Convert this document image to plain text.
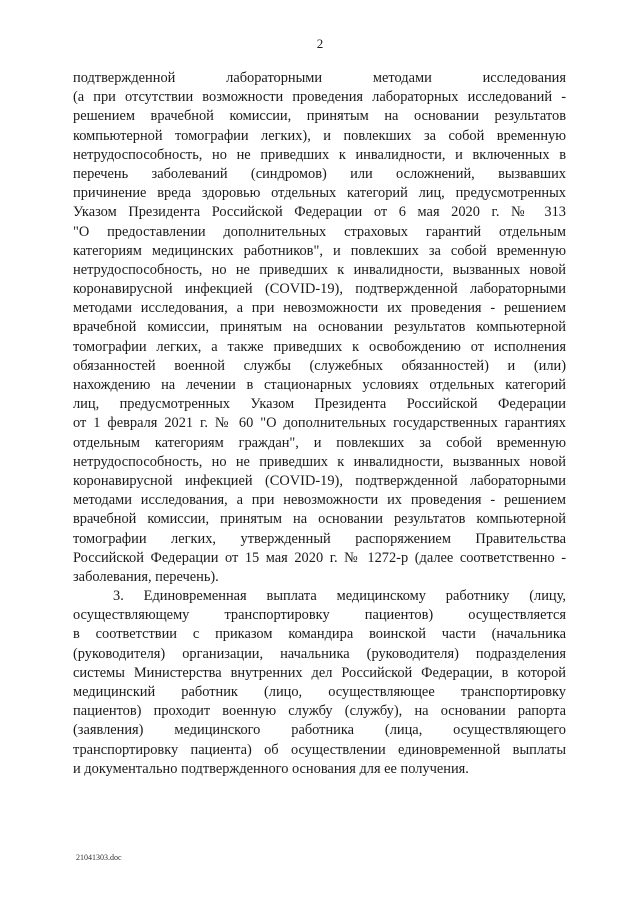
2
подтвержденной лабораторными методами исследования
(а при отсутствии возможности проведения лабораторных исследований -
решением врачебной комиссии, принятым на основании результатов
компьютерной томографии легких), и повлекших за собой временную
нетрудоспособность, но не приведших к инвалидности, и включенных в
перечень заболеваний (синдромов) или осложнений, вызвавших
причинение вреда здоровью отдельных категорий лиц, предусмотренных
Указом Президента Российской Федерации от 6 мая 2020 г. № 313
"О предоставлении дополнительных страховых гарантий отдельным
категориям медицинских работников", и повлекших за собой временную
нетрудоспособность, но не приведших к инвалидности, вызванных новой
коронавирусной инфекцией (COVID-19), подтвержденной лабораторными
методами исследования, а при невозможности их проведения - решением
врачебной комиссии, принятым на основании результатов компьютерной
томографии легких, а также приведших к освобождению от исполнения
обязанностей военной службы (служебных обязанностей) и (или)
нахождению на лечении в стационарных условиях отдельных категорий
лиц, предусмотренных Указом Президента Российской Федерации
от 1 февраля 2021 г. № 60 "О дополнительных государственных гарантиях
отдельным категориям граждан", и повлекших за собой временную
нетрудоспособность, но не приведших к инвалидности, вызванных новой
коронавирусной инфекцией (COVID-19), подтвержденной лабораторными
методами исследования, а при невозможности их проведения - решением
врачебной комиссии, принятым на основании результатов компьютерной
томографии легких, утвержденный распоряжением Правительства
Российской Федерации от 15 мая 2020 г. № 1272-р (далее соответственно -
заболевания, перечень).
3. Единовременная выплата медицинскому работнику (лицу,
осуществляющему транспортировку пациентов) осуществляется
в соответствии с приказом командира воинской части (начальника
(руководителя) организации, начальника (руководителя) подразделения
системы Министерства внутренних дел Российской Федерации, в которой
медицинский работник (лицо, осуществляющее транспортировку
пациентов) проходит военную службу (службу), на основании рапорта
(заявления) медицинского работника (лица, осуществляющего
транспортировку пациента) об осуществлении единовременной выплаты
и документально подтвержденного основания для ее получения.
21041303.doc
